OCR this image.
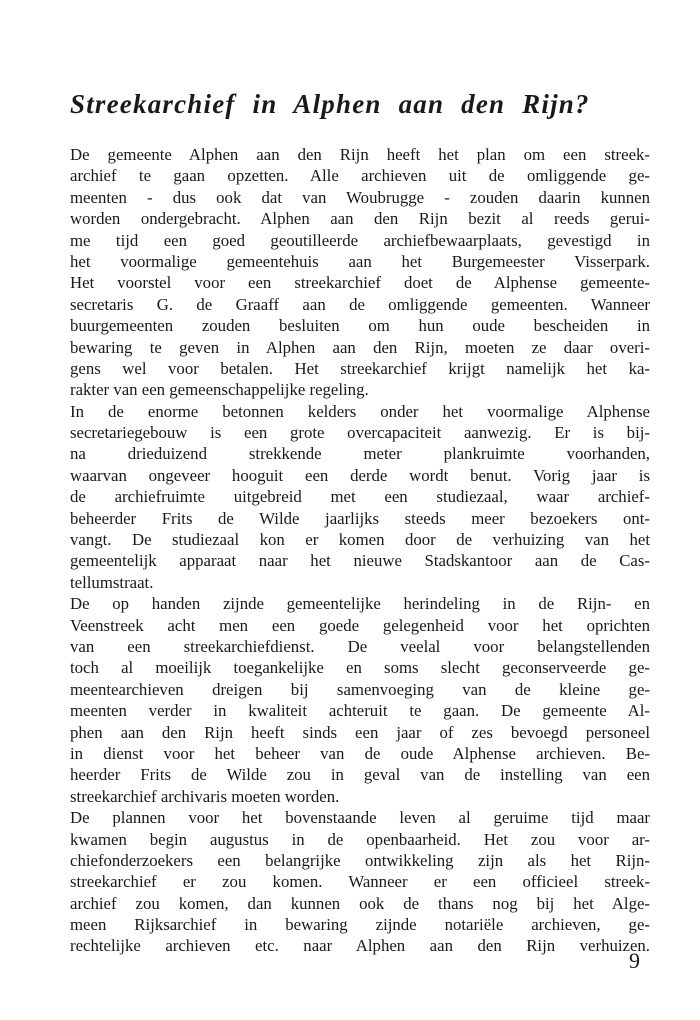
Streekarchief in Alphen aan den Rijn?
De gemeente Alphen aan den Rijn heeft het plan om een streek-
archief te gaan opzetten. Alle archieven uit de omliggende ge-
meenten - dus ook dat van Woubrugge - zouden daarin kunnen
worden ondergebracht. Alphen aan den Rijn bezit al reeds gerui-
me tijd een goed geoutilleerde archiefbewaarplaats, gevestigd in
het voormalige gemeentehuis aan het Burgemeester Visserpark.
Het voorstel voor een streekarchief doet de Alphense gemeente-
secretaris G. de Graaff aan de omliggende gemeenten. Wanneer
buurgemeenten zouden besluiten om hun oude bescheiden in
bewaring te geven in Alphen aan den Rijn, moeten ze daar overi-
gens wel voor betalen. Het streekarchief krijgt namelijk het ka-
rakter van een gemeenschappelijke regeling.
In de enorme betonnen kelders onder het voormalige Alphense
secretariegebouw is een grote overcapaciteit aanwezig. Er is bij-
na drieduizend strekkende meter plankruimte voorhanden,
waarvan ongeveer hooguit een derde wordt benut. Vorig jaar is
de archiefruimte uitgebreid met een studiezaal, waar archief-
beheerder Frits de Wilde jaarlijks steeds meer bezoekers ont-
vangt. De studiezaal kon er komen door de verhuizing van het
gemeentelijk apparaat naar het nieuwe Stadskantoor aan de Cas-
tellumstraat.
De op handen zijnde gemeentelijke herindeling in de Rijn- en
Veenstreek acht men een goede gelegenheid voor het oprichten
van een streekarchiefdienst. De veelal voor belangstellenden
toch al moeilijk toegankelijke en soms slecht geconserveerde ge-
meentearchieven dreigen bij samenvoeging van de kleine ge-
meenten verder in kwaliteit achteruit te gaan. De gemeente Al-
phen aan den Rijn heeft sinds een jaar of zes bevoegd personeel
in dienst voor het beheer van de oude Alphense archieven. Be-
heerder Frits de Wilde zou in geval van de instelling van een
streekarchief archivaris moeten worden.
De plannen voor het bovenstaande leven al geruime tijd maar
kwamen begin augustus in de openbaarheid. Het zou voor ar-
chiefonderzoekers een belangrijke ontwikkeling zijn als het Rijn-
streekarchief er zou komen. Wanneer er een officieel streek-
archief zou komen, dan kunnen ook de thans nog bij het Alge-
meen Rijksarchief in bewaring zijnde notariële archieven, ge-
rechtelijke archieven etc. naar Alphen aan den Rijn verhuizen.
9
